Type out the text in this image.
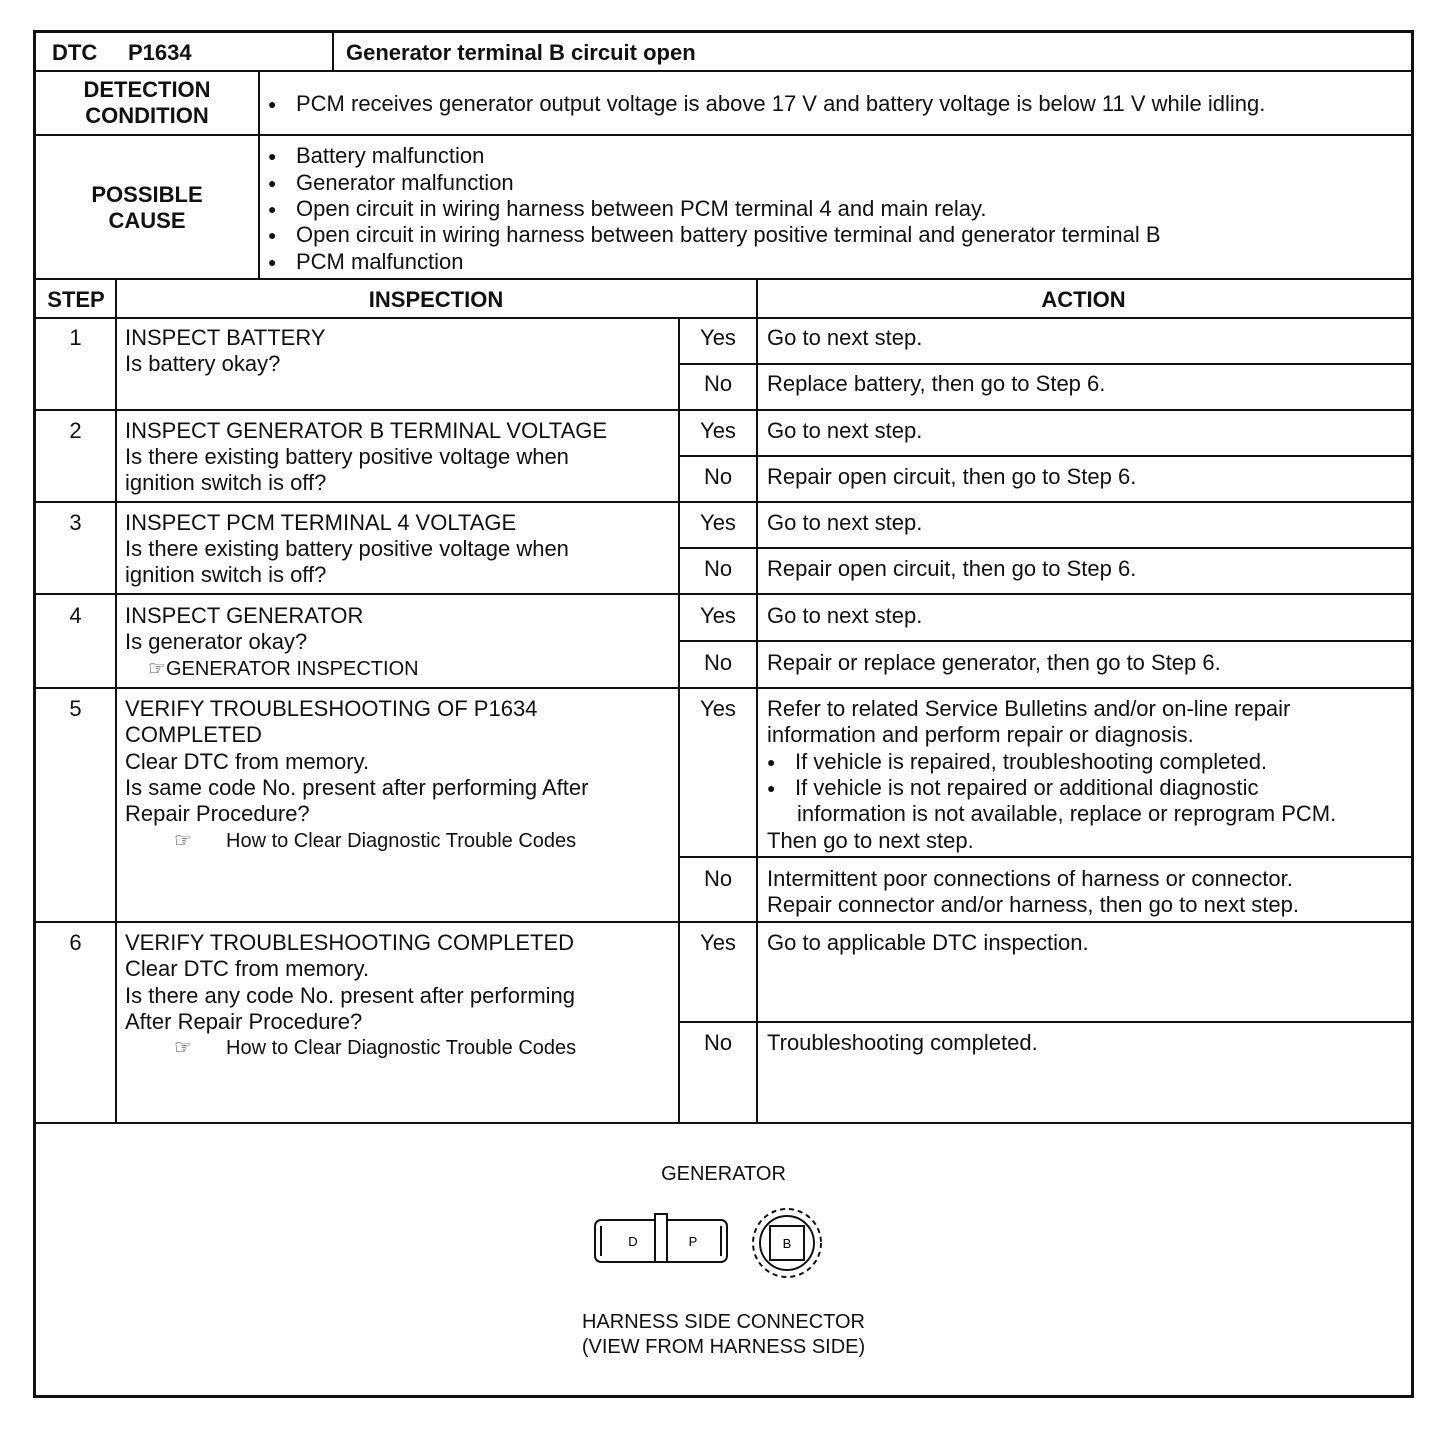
DTC P1634	Generator terminal B circuit open
DETECTION
CONDITION
●	PCM receives generator output voltage is above 17 V and battery voltage is below 11 V while idling.
POSSIBLE
CAUSE
● Battery malfunction
● Generator malfunction
● Open circuit in wiring harness between PCM terminal 4 and main relay.
● Open circuit in wiring harness between battery positive terminal and generator terminal B
● PCM malfunction
STEP	INSPECTION	ACTION
1	INSPECT BATTERY
Is battery okay?
Yes	Go to next step.
No	Replace battery, then go to Step 6.
2	INSPECT GENERATOR B TERMINAL VOLTAGE
Is there existing battery positive voltage when
ignition switch is off?
Yes	Go to next step.
No	Repair open circuit, then go to Step 6.
3	INSPECT PCM TERMINAL 4 VOLTAGE
Is there existing battery positive voltage when
ignition switch is off?
Yes	Go to next step.
No	Repair open circuit, then go to Step 6.
4	INSPECT GENERATOR
Is generator okay?
☞GENERATOR INSPECTION
Yes	Go to next step.
No	Repair or replace generator, then go to Step 6.
5	VERIFY TROUBLESHOOTING OF P1634
COMPLETED
Clear DTC from memory.
Is same code No. present after performing After
Repair Procedure?
☞ How to Clear Diagnostic Trouble Codes
Yes	Refer to related Service Bulletins and/or on-line repair
information and perform repair or diagnosis.
● If vehicle is repaired, troubleshooting completed.
● If vehicle is not repaired or additional diagnostic
information is not available, replace or reprogram PCM.
Then go to next step.
No	Intermittent poor connections of harness or connector.
Repair connector and/or harness, then go to next step.
6	VERIFY TROUBLESHOOTING COMPLETED
Clear DTC from memory.
Is there any code No. present after performing
After Repair Procedure?
☞ How to Clear Diagnostic Trouble Codes
Yes	Go to applicable DTC inspection.
No	Troubleshooting completed.
GENERATOR
D	P	B
HARNESS SIDE CONNECTOR
(VIEW FROM HARNESS SIDE)
